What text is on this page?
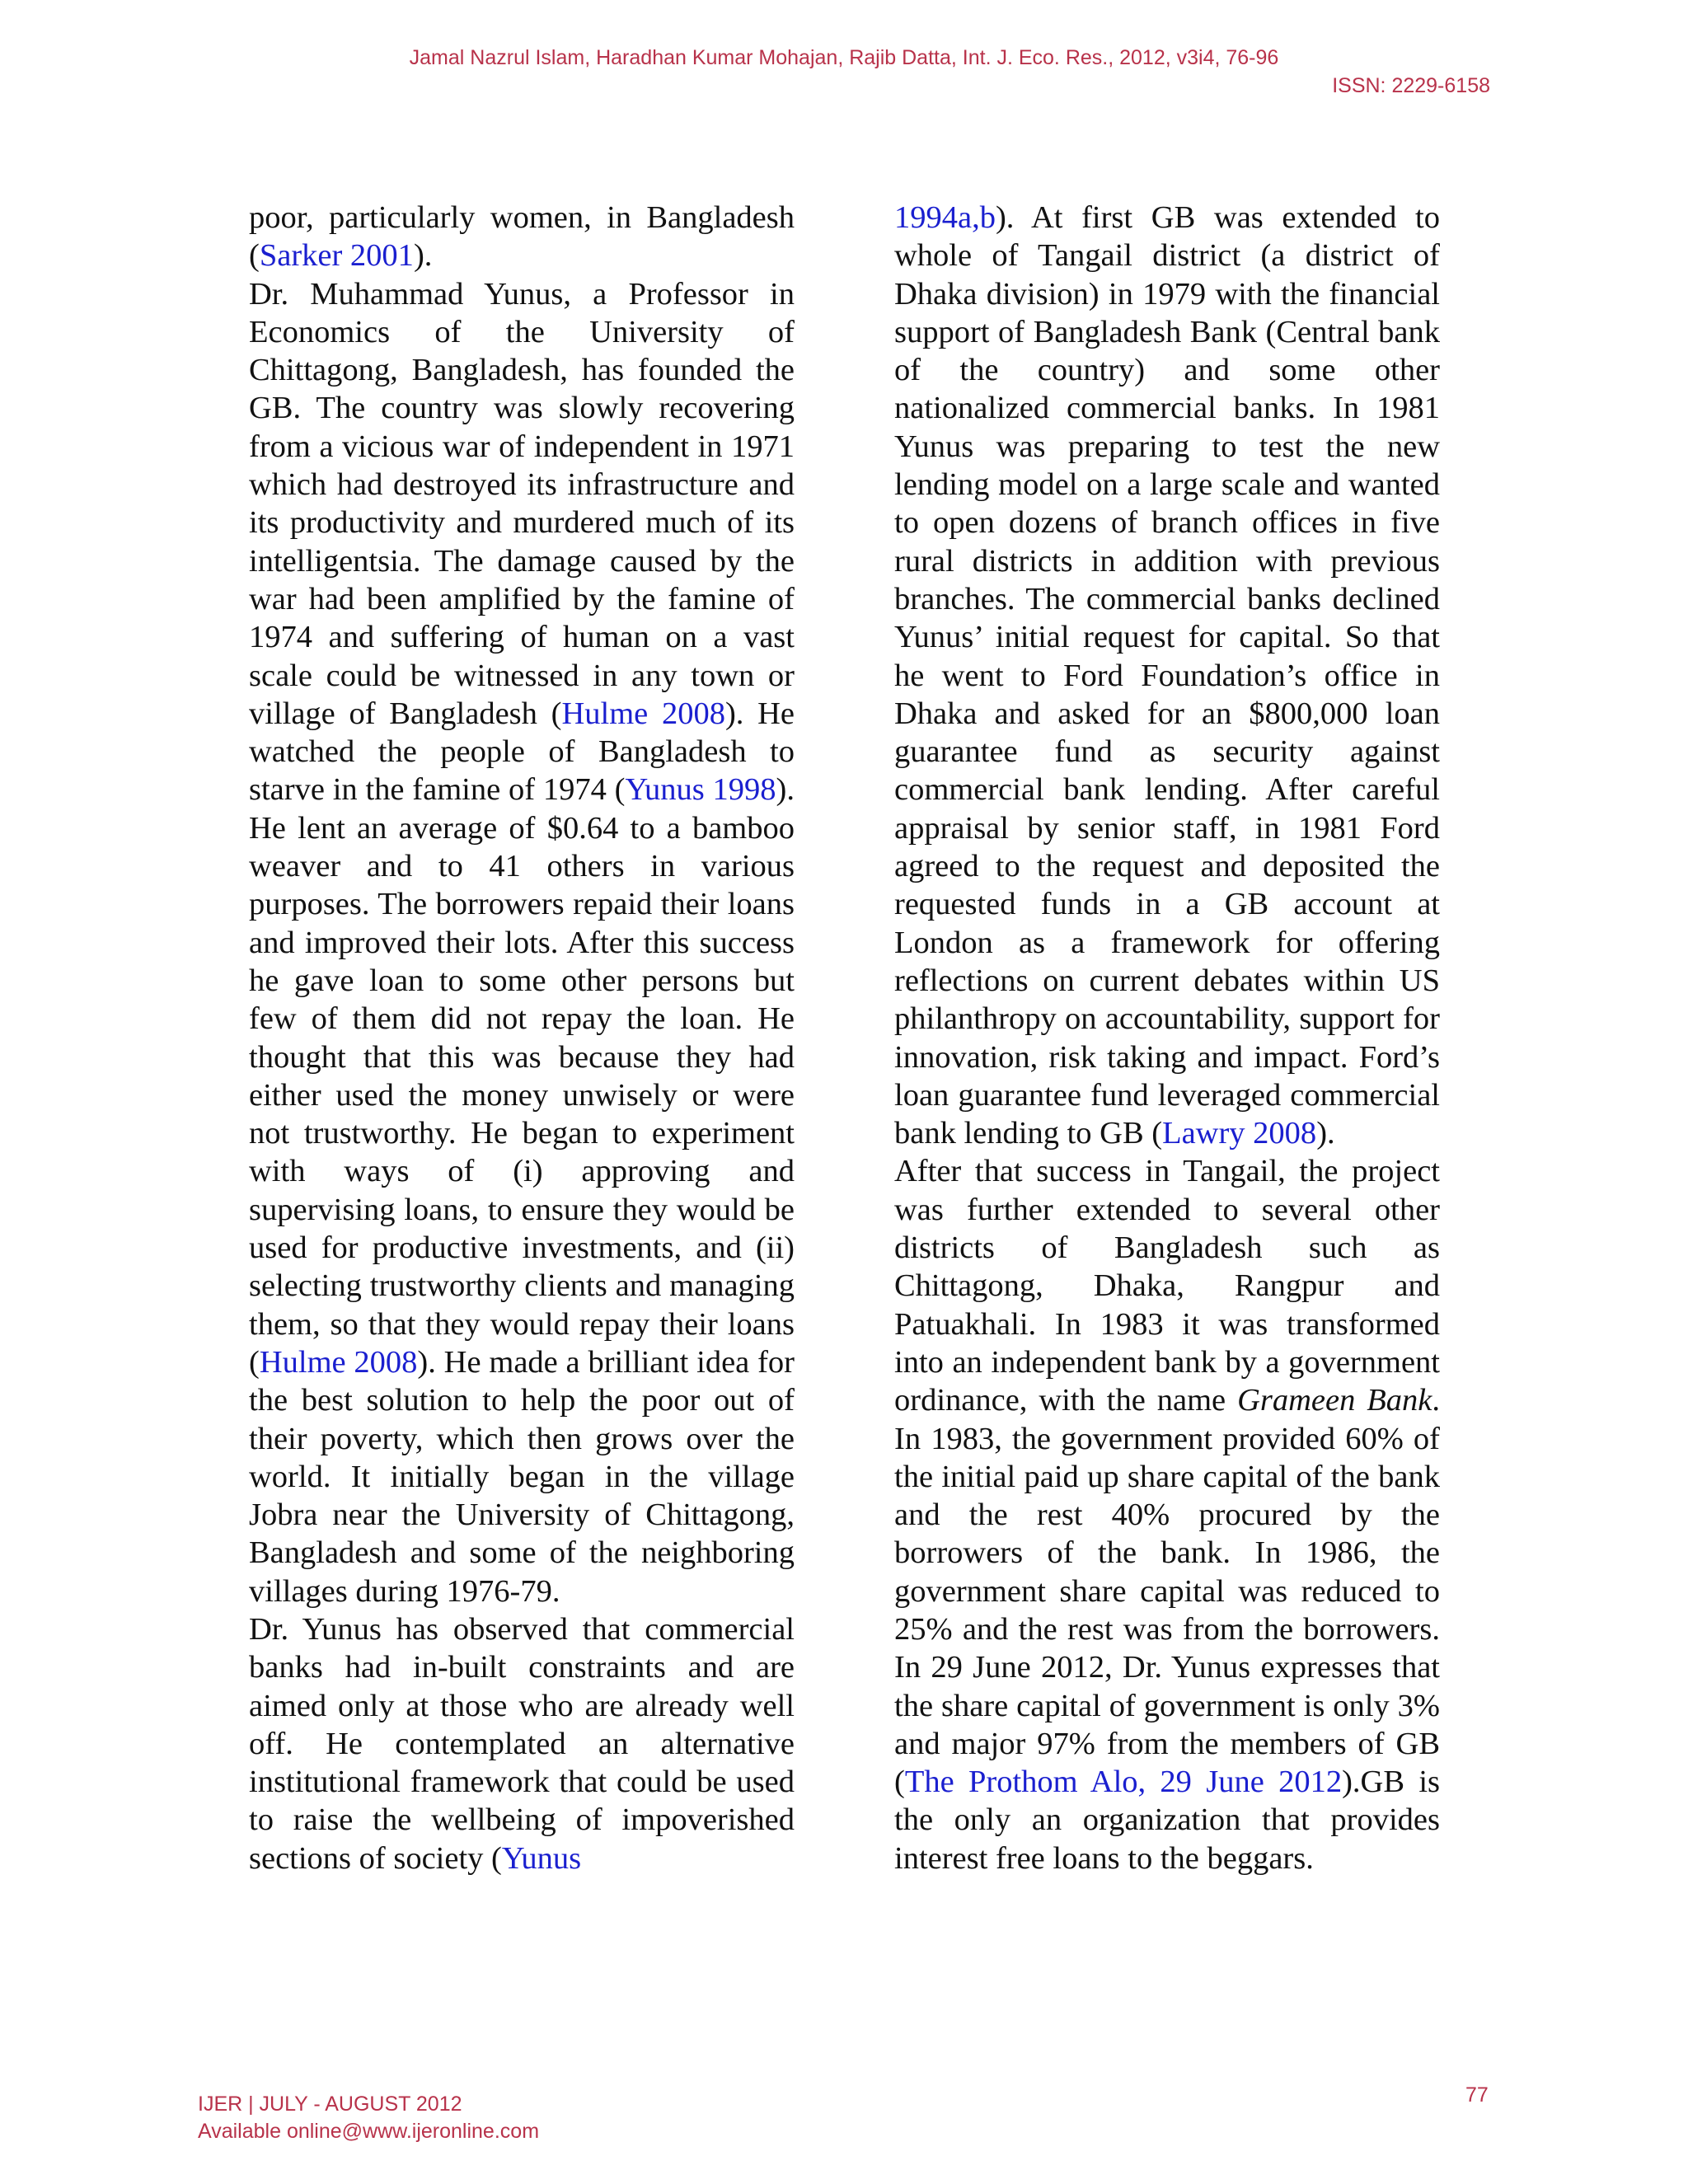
Jamal Nazrul Islam, Haradhan Kumar Mohajan, Rajib Datta, Int. J. Eco. Res., 2012, v3i4, 76-96
ISSN: 2229-6158

poor, particularly women, in Bangladesh (Sarker 2001).

Dr. Muhammad Yunus, a Professor in Economics of the University of Chittagong, Bangladesh, has founded the GB. The country was slowly recovering from a vicious war of independent in 1971 which had destroyed its infrastructure and its productivity and murdered much of its intelligentsia. The damage caused by the war had been amplified by the famine of 1974 and suffering of human on a vast scale could be witnessed in any town or village of Bangladesh (Hulme 2008). He watched the people of Bangladesh to starve in the famine of 1974 (Yunus 1998). He lent an average of $0.64 to a bamboo weaver and to 41 others in various purposes. The borrowers repaid their loans and improved their lots. After this success he gave loan to some other persons but few of them did not repay the loan. He thought that this was because they had either used the money unwisely or were not trustworthy. He began to experiment with ways of (i) approving and supervising loans, to ensure they would be used for productive investments, and (ii) selecting trustworthy clients and managing them, so that they would repay their loans (Hulme 2008). He made a brilliant idea for the best solution to help the poor out of their poverty, which then grows over the world. It initially began in the village Jobra near the University of Chittagong, Bangladesh and some of the neighboring villages during 1976-79.

Dr. Yunus has observed that commercial banks had in-built constraints and are aimed only at those who are already well off. He contemplated an alternative institutional framework that could be used to raise the wellbeing of impoverished sections of society (Yunus

1994a,b). At first GB was extended to whole of Tangail district (a district of Dhaka division) in 1979 with the financial support of Bangladesh Bank (Central bank of the country) and some other nationalized commercial banks. In 1981 Yunus was preparing to test the new lending model on a large scale and wanted to open dozens of branch offices in five rural districts in addition with previous branches. The commercial banks declined Yunus’ initial request for capital. So that he went to Ford Foundation’s office in Dhaka and asked for an $800,000 loan guarantee fund as security against commercial bank lending. After careful appraisal by senior staff, in 1981 Ford agreed to the request and deposited the requested funds in a GB account at London as a framework for offering reflections on current debates within US philanthropy on accountability, support for innovation, risk taking and impact. Ford’s loan guarantee fund leveraged commercial bank lending to GB (Lawry 2008).

After that success in Tangail, the project was further extended to several other districts of Bangladesh such as Chittagong, Dhaka, Rangpur and Patuakhali. In 1983 it was transformed into an independent bank by a government ordinance, with the name Grameen Bank. In 1983, the government provided 60% of the initial paid up share capital of the bank and the rest 40% procured by the borrowers of the bank. In 1986, the government share capital was reduced to 25% and the rest was from the borrowers. In 29 June 2012, Dr. Yunus expresses that the share capital of government is only 3% and major 97% from the members of GB (The Prothom Alo, 29 June 2012).GB is the only an organization that provides interest free loans to the beggars.

IJER | JULY - AUGUST 2012
Available online@www.ijeronline.com
77
